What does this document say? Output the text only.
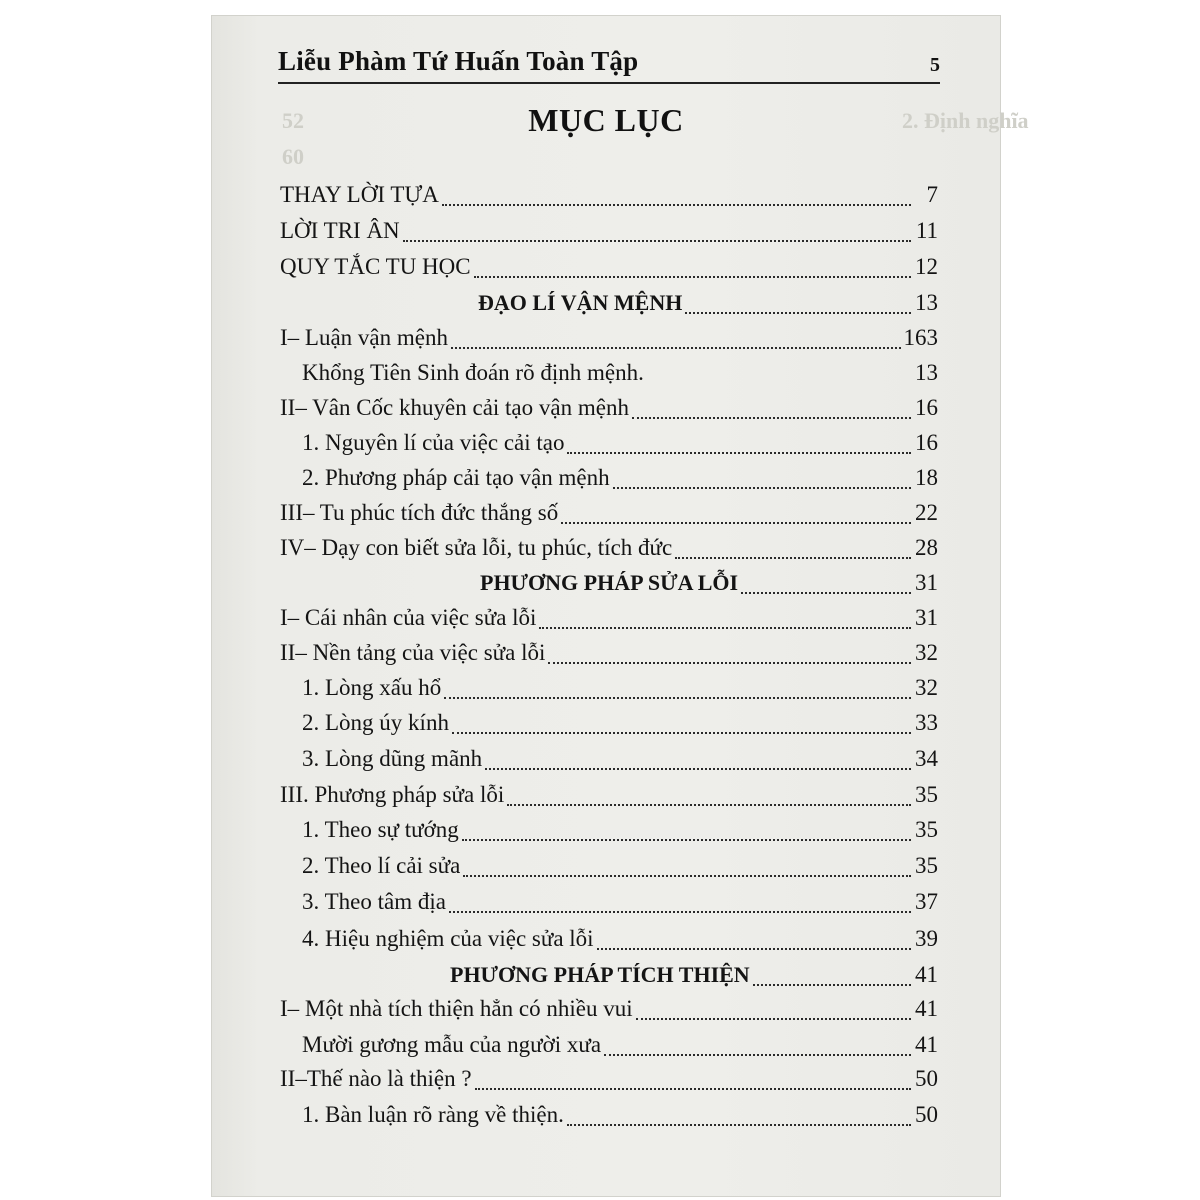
2. Định nghĩa
52
60
Liễu Phàm Tứ Huấn Toàn Tập	5
MỤC LỤC
THAY LỜI TỰA	7
LỜI TRI ÂN	11
QUY TẮC TU HỌC	12
ĐẠO LÍ VẬN MỆNH	13
I– Luận vận mệnh	163
Khổng Tiên Sinh đoán rõ định mệnh.	13
II– Vân Cốc khuyên cải tạo vận mệnh	16
1. Nguyên lí của việc cải tạo	16
2. Phương pháp cải tạo vận mệnh	18
III– Tu phúc tích đức thắng số	22
IV– Dạy con biết sửa lỗi, tu phúc, tích đức	28
PHƯƠNG PHÁP SỬA LỖI	31
I– Cái nhân của việc sửa lỗi	31
II– Nền tảng của việc sửa lỗi	32
1. Lòng xấu hổ	32
2. Lòng úy kính	33
3. Lòng dũng mãnh	34
III. Phương pháp sửa lỗi	35
1. Theo sự tướng	35
2. Theo lí cải sửa	35
3. Theo tâm địa	37
4. Hiệu nghiệm của việc sửa lỗi	39
PHƯƠNG PHÁP TÍCH THIỆN	41
I– Một nhà tích thiện hẳn có nhiều vui	41
Mười gương mẫu của người xưa	41
II–Thế nào là thiện ?	50
1. Bàn luận rõ ràng về thiện.	50
